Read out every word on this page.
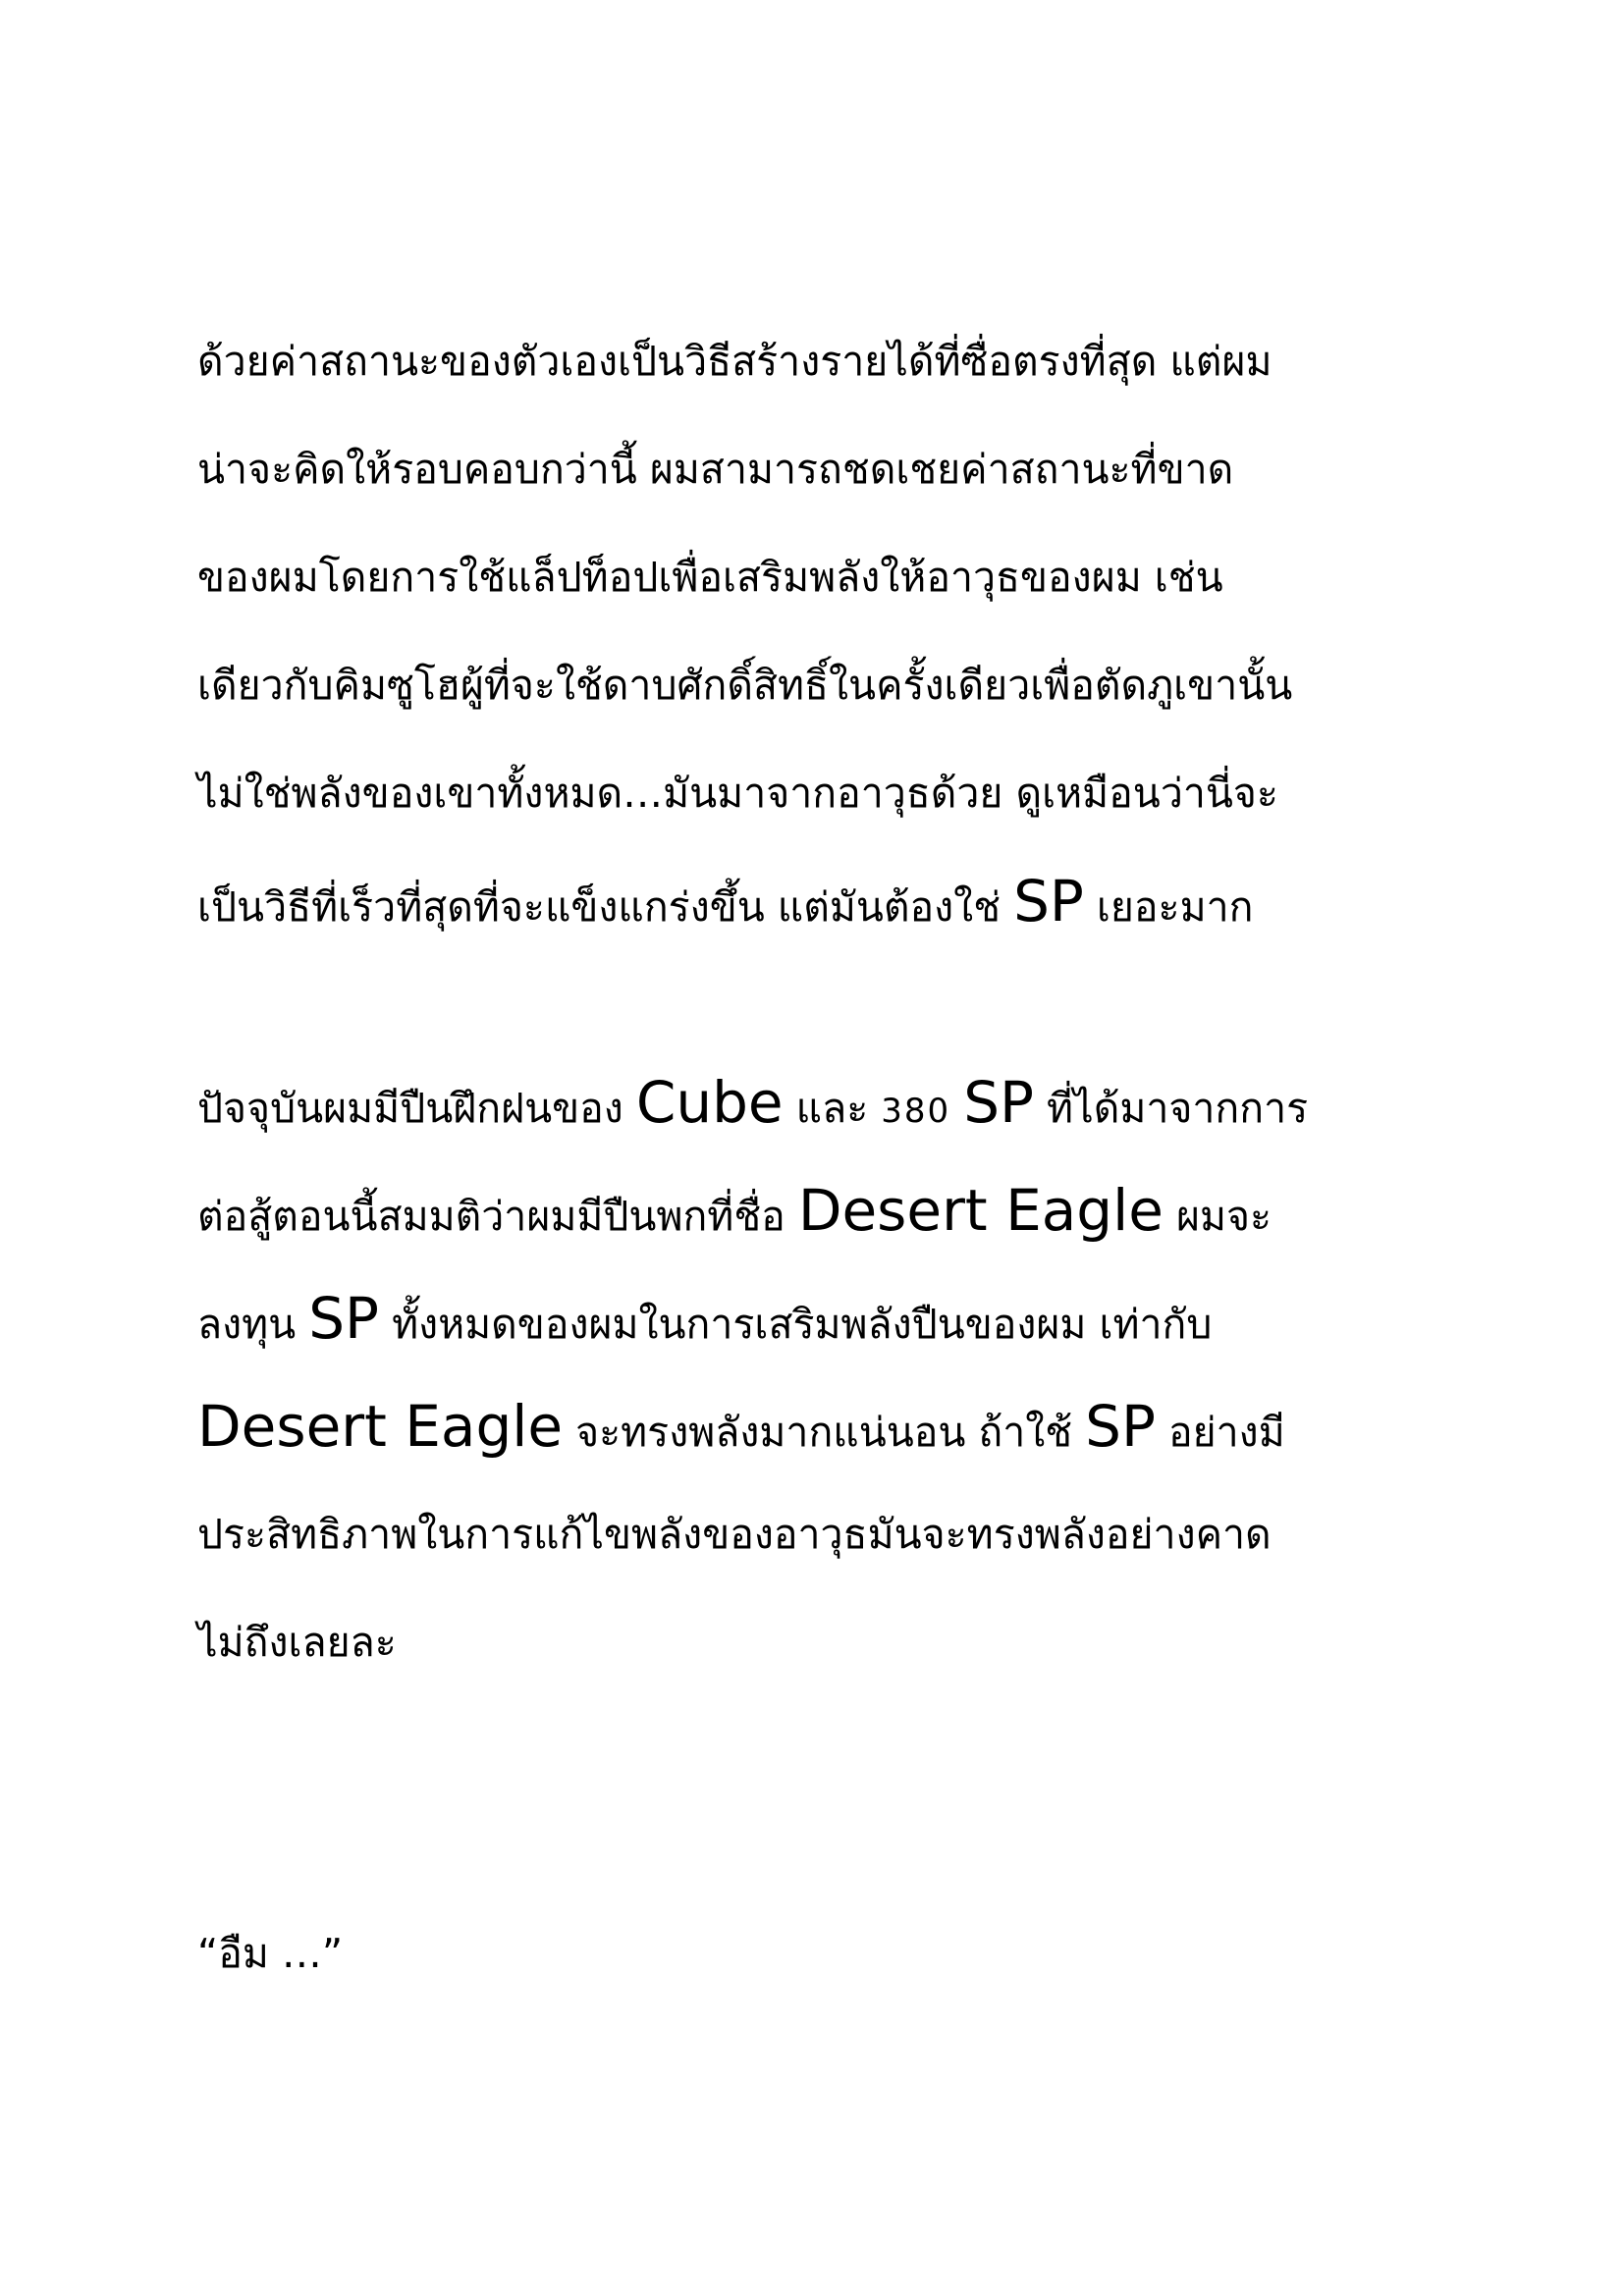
ด้วยค่าสถานะของตัวเองเป็นวิธีสร้างรายได้ที่ซื่อตรงที่สุด แต่ผม
น่าจะคิดให้รอบคอบกว่านี้ ผมสามารถชดเชยค่าสถานะที่ขาด
ของผมโดยการใช้แล็ปท็อปเพื่อเสริมพลังให้อาวุธของผม เช่น
เดียวกับคิมซูโฮผู้ที่จะใช้ดาบศักดิ์สิทธิ์ในครั้งเดียวเพื่อตัดภูเขานั้น
ไม่ใช่พลังของเขาทั้งหมด…มันมาจากอาวุธด้วย ดูเหมือนว่านี่จะ
เป็นวิธีที่เร็วที่สุดที่จะแข็งแกร่งขึ้น แต่มันต้องใช่ SP เยอะมาก
ปัจจุบันผมมีปืนฝึกฝนของ Cube และ 380 SP ที่ได้มาจากการ
ต่อสู้ตอนนี้สมมติว่าผมมีปืนพกที่ชื่อ Desert Eagle ผมจะ
ลงทุน SP ทั้งหมดของผมในการเสริมพลังปืนของผม เท่ากับ
Desert Eagle จะทรงพลังมากแน่นอน ถ้าใช้ SP อย่างมี
ประสิทธิภาพในการแก้ไขพลังของอาวุธมันจะทรงพลังอย่างคาด
ไม่ถึงเลยละ
“อืม …”
